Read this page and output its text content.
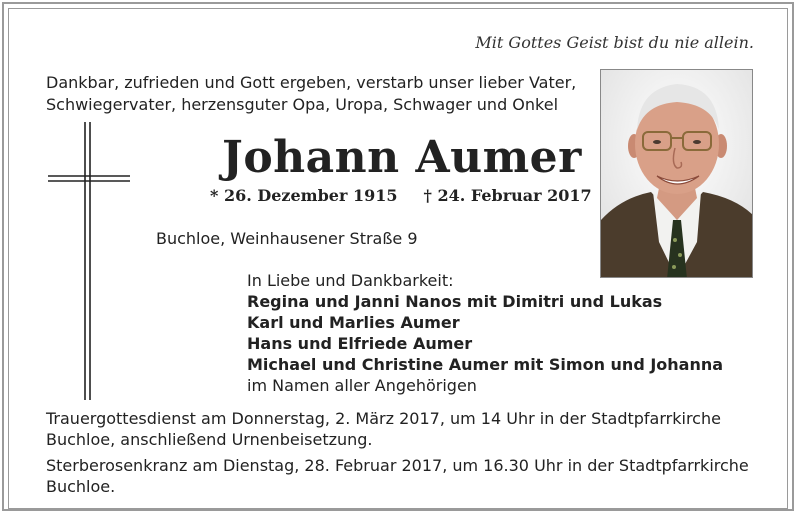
Mit Gottes Geist bist du nie allein.
Dankbar, zufrieden und Gott ergeben, verstarb unser lieber Vater,
Schwiegervater, herzensguter Opa, Uropa, Schwager und Onkel
Johann Aumer
* 26. Dezember 1915 † 24. Februar 2017
Buchloe, Weinhausener Straße 9
In Liebe und Dankbarkeit:
Regina und Janni Nanos mit Dimitri und Lukas
Karl und Marlies Aumer
Hans und Elfriede Aumer
Michael und Christine Aumer mit Simon und Johanna
im Namen aller Angehörigen
Trauergottesdienst am Donnerstag, 2. März 2017, um 14 Uhr in der Stadtpfarrkirche
Buchloe, anschließend Urnenbeisetzung.
Sterberosenkranz am Dienstag, 28. Februar 2017, um 16.30 Uhr in der Stadtpfarrkirche
Buchloe.
